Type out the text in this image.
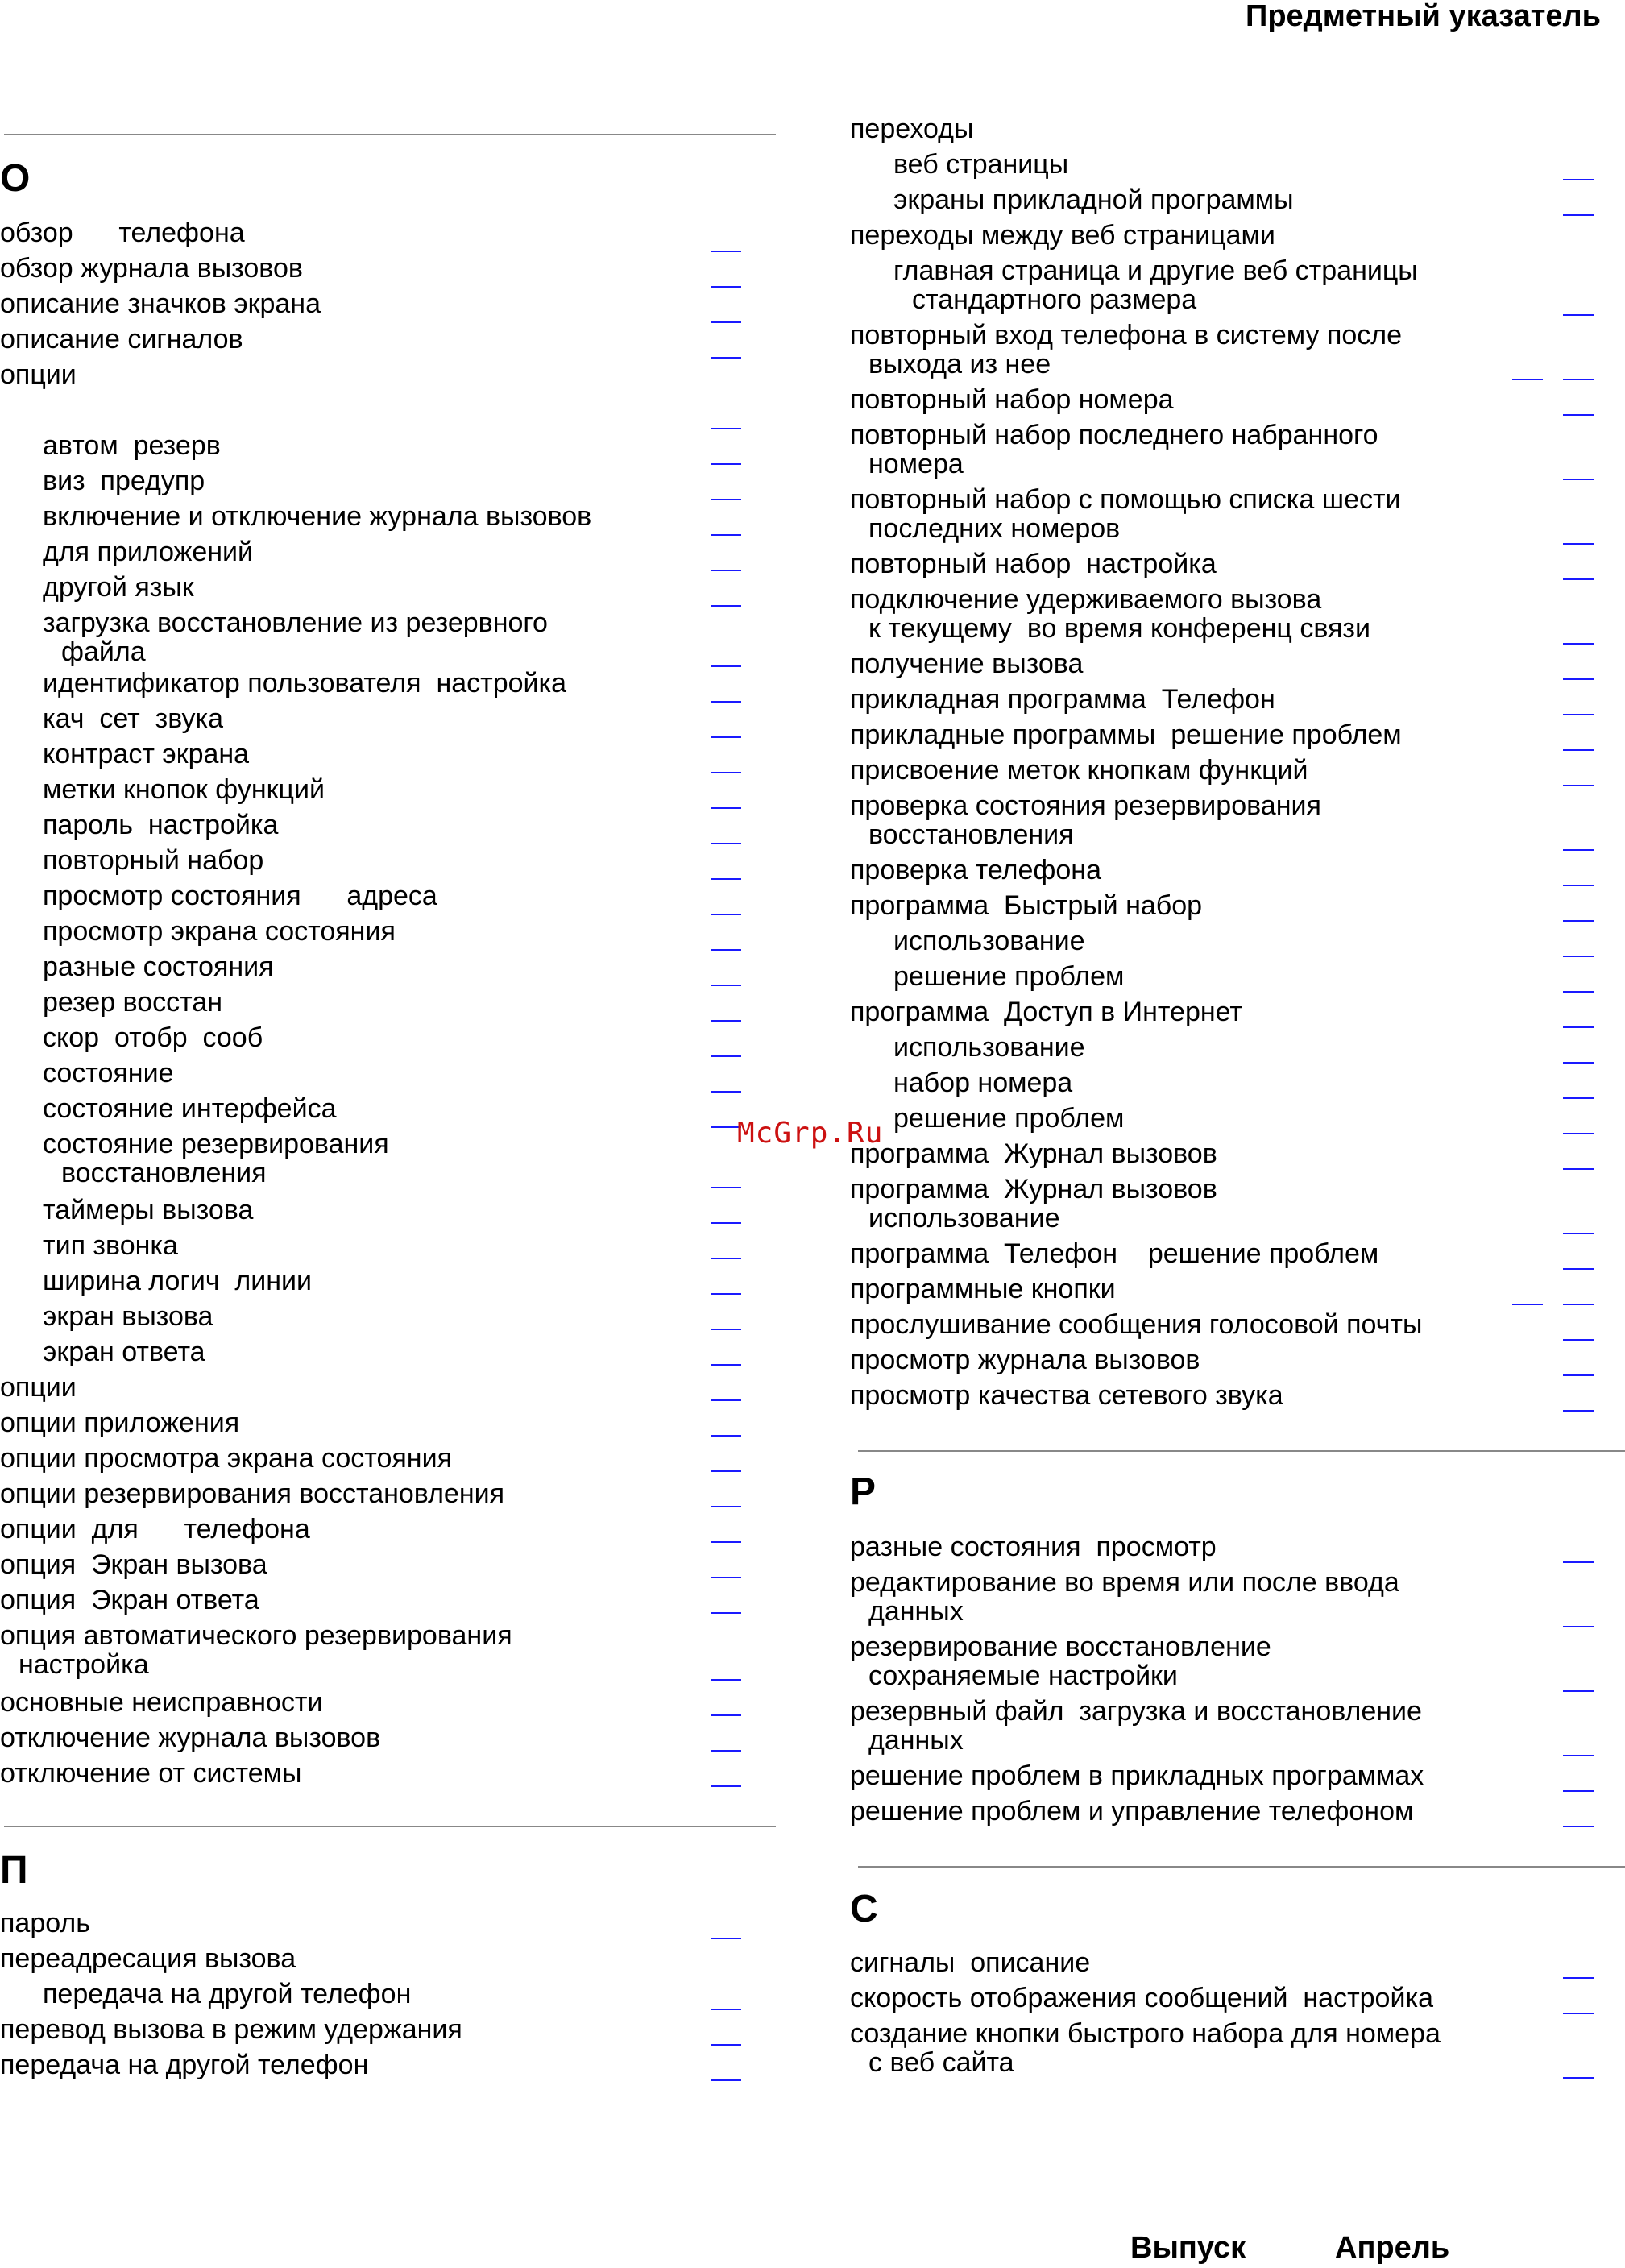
Предметный указатель
О
обзор      телефона
обзор журнала вызовов
описание значков экрана
описание сигналов
опции
автом  резерв
виз  предупр
включение и отключение журнала вызовов
для приложений
другой язык
загрузка восстановление из резервного
файла
идентификатор пользователя  настройка
кач  сет  звука
контраст экрана
метки кнопок функций
пароль  настройка
повторный набор
просмотр состояния      адреса
просмотр экрана состояния
разные состояния
резер восстан
скор  отобр  сооб
состояние
состояние интерфейса
состояние резервирования
восстановления
таймеры вызова
тип звонка
ширина логич  линии
экран вызова
экран ответа
опции
опции приложения
опции просмотра экрана состояния
опции резервирования восстановления
опции  для      телефона
опция  Экран вызова
опция  Экран ответа
опция автоматического резервирования
настройка
основные неисправности
отключение журнала вызовов
отключение от системы
П
пароль
переадресация вызова
передача на другой телефон
перевод вызова в режим удержания
передача на другой телефон
переходы
веб страницы
экраны прикладной программы
переходы между веб страницами
главная страница и другие веб страницы
стандартного размера
повторный вход телефона в систему после
выхода из нее
повторный набор номера
повторный набор последнего набранного
номера
повторный набор с помощью списка шести
последних номеров
повторный набор  настройка
подключение удерживаемого вызова
к текущему  во время конференц связи
получение вызова
прикладная программа  Телефон
прикладные программы  решение проблем
присвоение меток кнопкам функций
проверка состояния резервирования
восстановления
проверка телефона
программа  Быстрый набор
использование
решение проблем
программа  Доступ в Интернет
использование
набор номера
решение проблем
программа  Журнал вызовов
программа  Журнал вызовов
использование
программа  Телефон    решение проблем
программные кнопки
прослушивание сообщения голосовой почты
просмотр журнала вызовов
просмотр качества сетевого звука
Р
разные состояния  просмотр
редактирование во время или после ввода
данных
резервирование восстановление
сохраняемые настройки
резервный файл  загрузка и восстановление
данных
решение проблем в прикладных программах
решение проблем и управление телефоном
С
сигналы  описание
скорость отображения сообщений  настройка
создание кнопки быстрого набора для номера
с веб сайта
McGrp.Ru
Выпуск	Апрель
